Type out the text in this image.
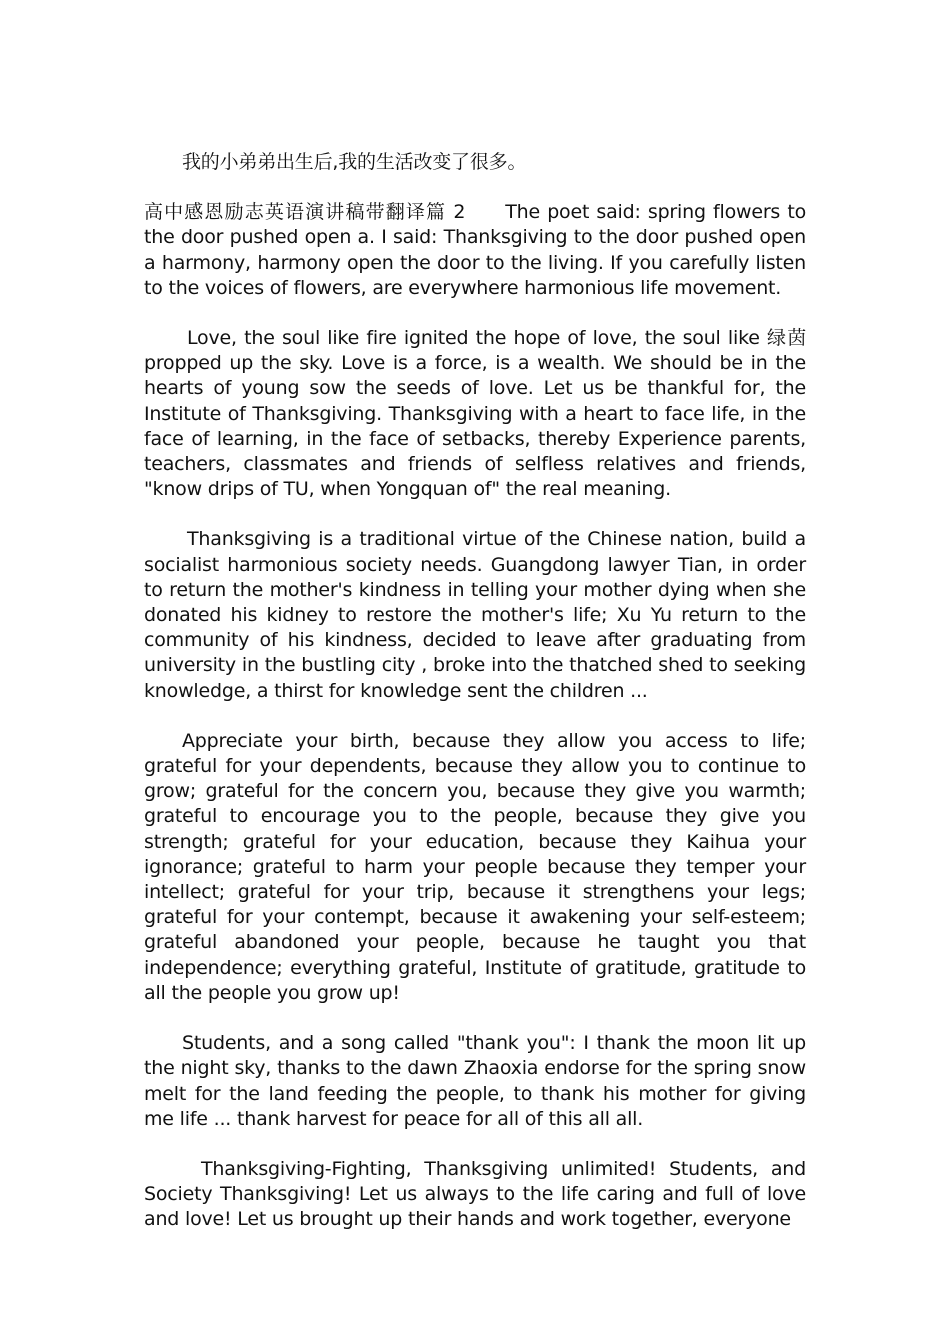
我的小弟弟出生后,我的生活改变了很多。

高中感恩励志英语演讲稿带翻译篇 2 The poet said: spring flowers to the door pushed open a. I said: Thanksgiving to the door pushed open a harmony, harmony open the door to the living. If you carefully listen to the voices of flowers, are everywhere harmonious life movement.

Love, the soul like fire ignited the hope of love, the soul like 绿茵 propped up the sky. Love is a force, is a wealth. We should be in the hearts of young sow the seeds of love. Let us be thankful for, the Institute of Thanksgiving. Thanksgiving with a heart to face life, in the face of learning, in the face of setbacks, thereby Experience parents, teachers, classmates and friends of selfless relatives and friends, "know drips of TU, when Yongquan of" the real meaning.

Thanksgiving is a traditional virtue of the Chinese nation, build a socialist harmonious society needs. Guangdong lawyer Tian, in order to return the mother's kindness in telling your mother dying when she donated his kidney to restore the mother's life; Xu Yu return to the community of his kindness, decided to leave after graduating from university in the bustling city , broke into the thatched shed to seeking knowledge, a thirst for knowledge sent the children ...

Appreciate your birth, because they allow you access to life; grateful for your dependents, because they allow you to continue to grow; grateful for the concern you, because they give you warmth; grateful to encourage you to the people, because they give you strength; grateful for your education, because they Kaihua your ignorance; grateful to harm your people because they temper your intellect; grateful for your trip, because it strengthens your legs; grateful for your contempt, because it awakening your self-esteem; grateful abandoned your people, because he taught you that independence; everything grateful, Institute of gratitude, gratitude to all the people you grow up!

Students, and a song called "thank you": I thank the moon lit up the night sky, thanks to the dawn Zhaoxia endorse for the spring snow melt for the land feeding the people, to thank his mother for giving me life ... thank harvest for peace for all of this all all.

Thanksgiving-Fighting, Thanksgiving unlimited! Students, and Society Thanksgiving! Let us always to the life caring and full of love and love! Let us brought up their hands and work together, everyone
